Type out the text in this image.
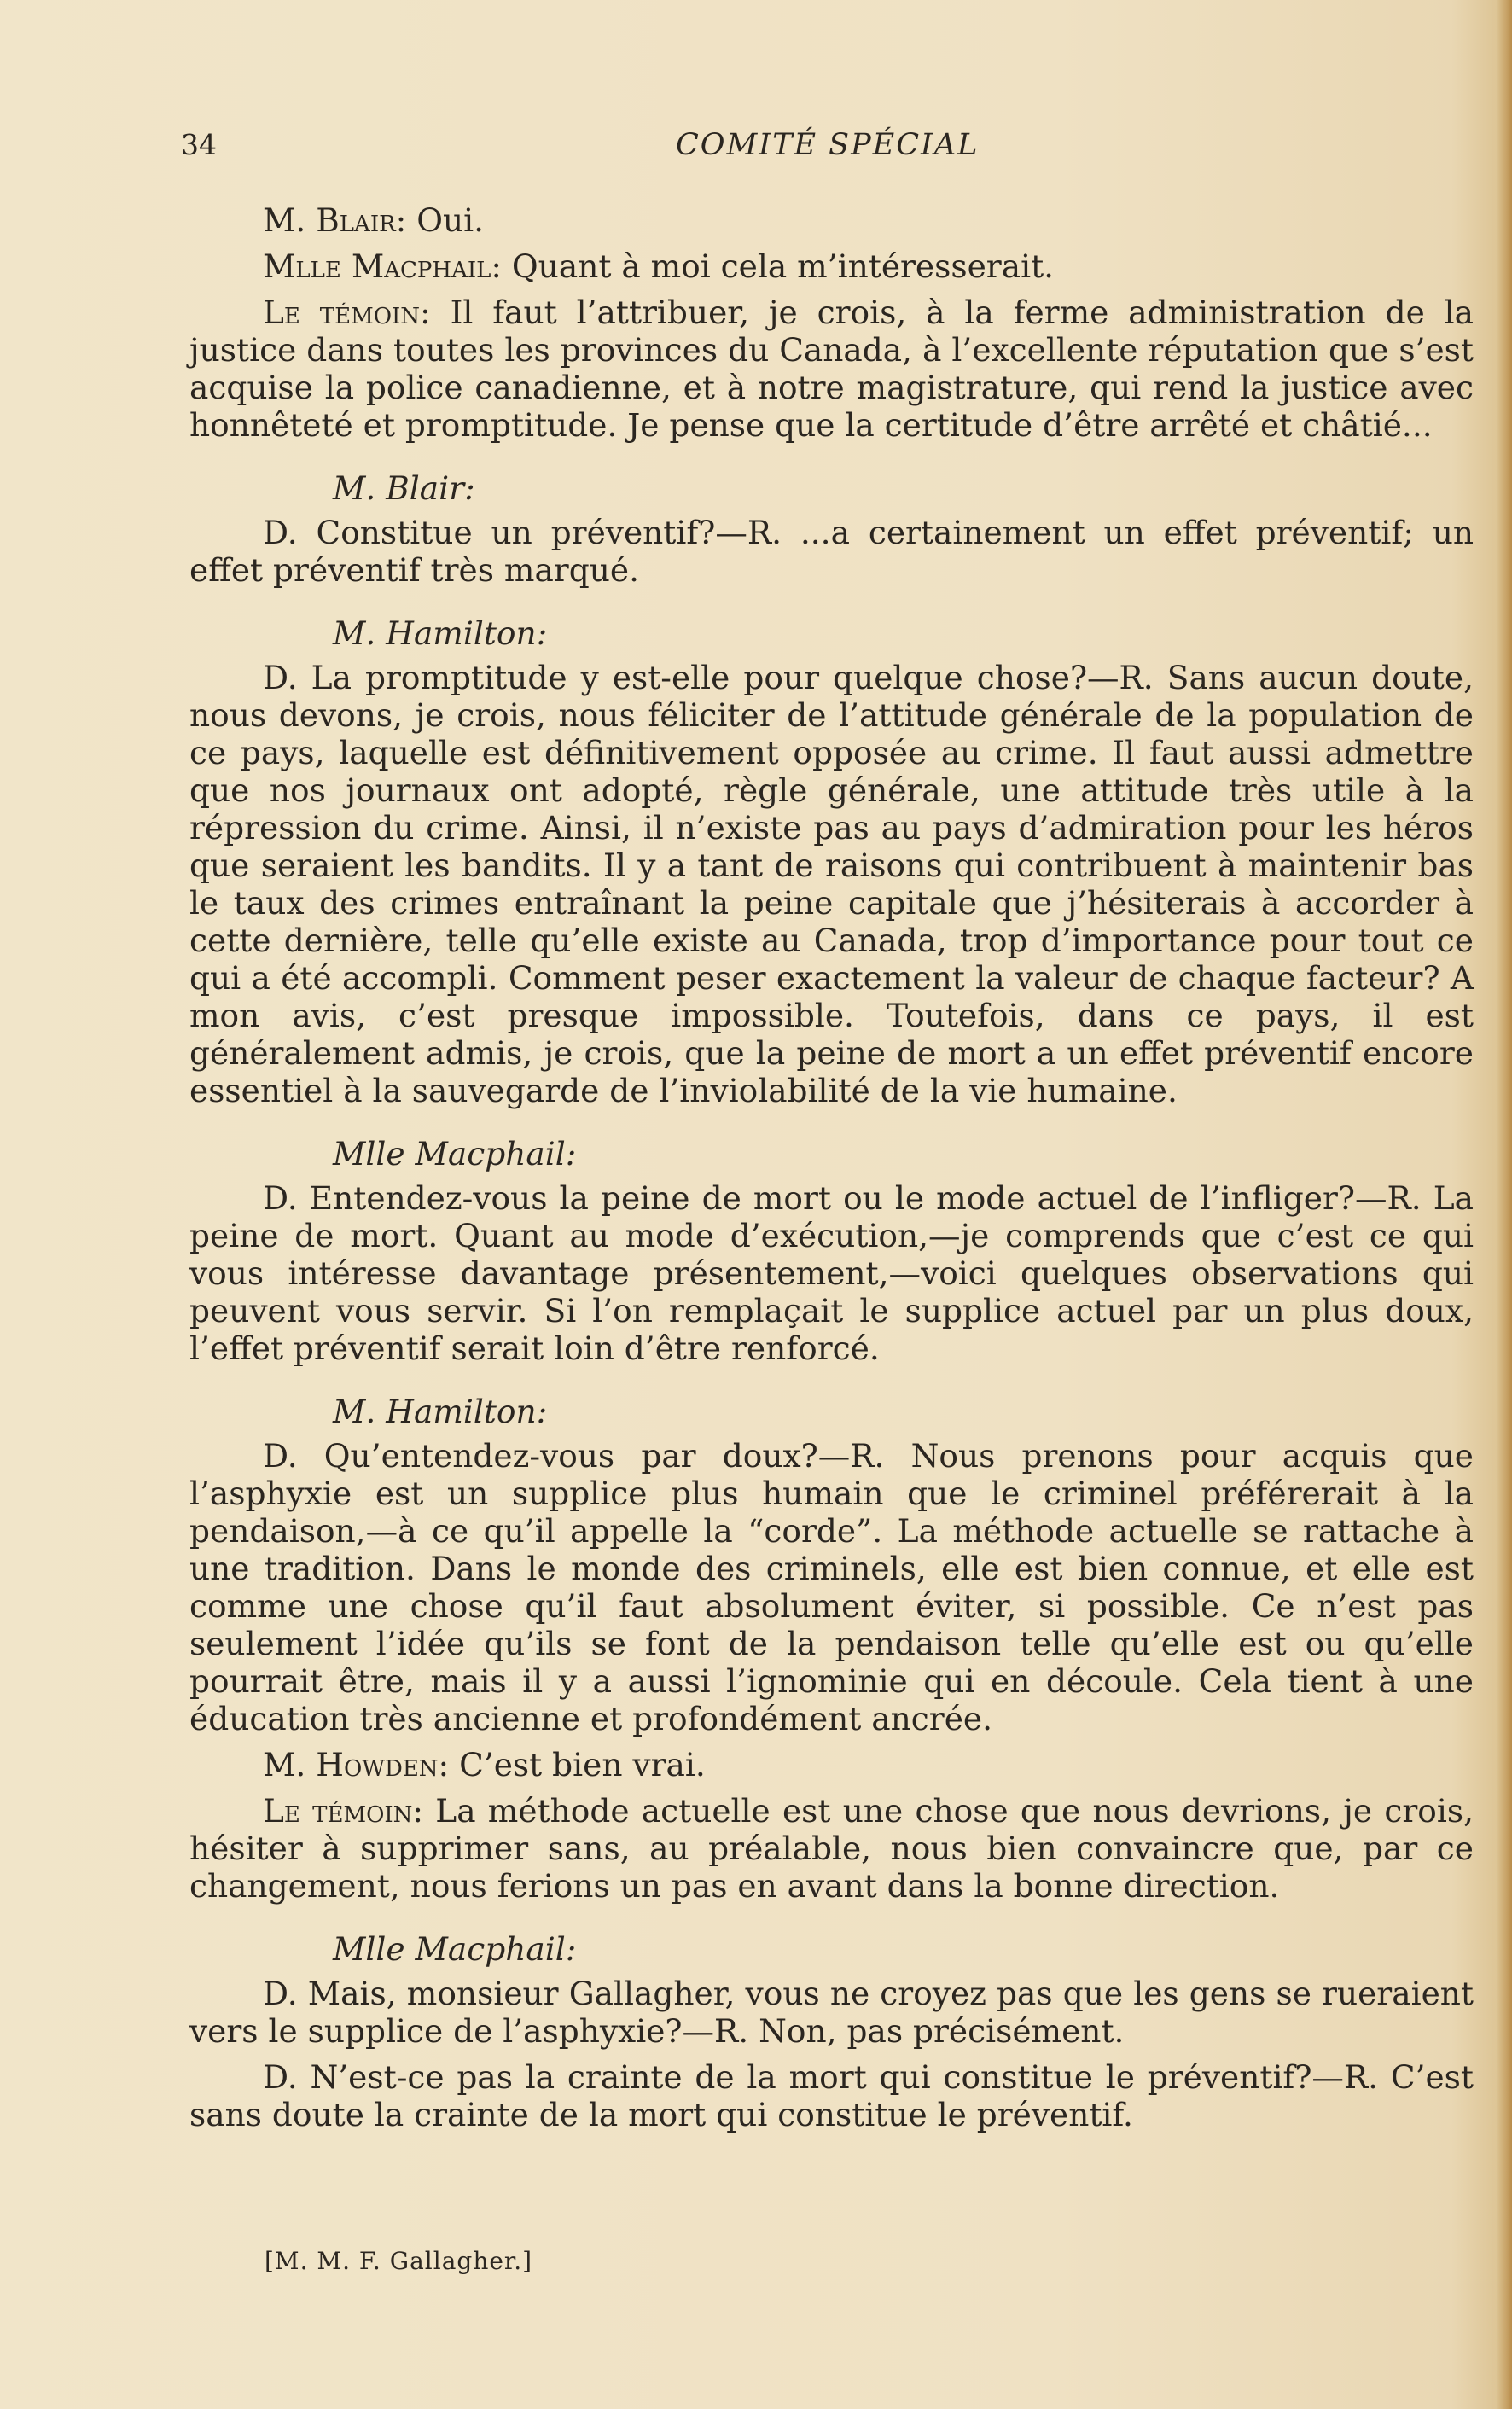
34	COMITÉ SPÉCIAL

M. Blair: Oui.

Mlle Macphail: Quant à moi cela m’intéresserait.

Le témoin: Il faut l’attribuer, je crois, à la ferme administration de la justice dans toutes les provinces du Canada, à l’excellente réputation que s’est acquise la police canadienne, et à notre magistrature, qui rend la justice avec honnêteté et promptitude. Je pense que la certitude d’être arrêté et châtié...

M. Blair:

D. Constitue un préventif?—R. ...a certainement un effet préventif; un effet préventif très marqué.

M. Hamilton:

D. La promptitude y est-elle pour quelque chose?—R. Sans aucun doute, nous devons, je crois, nous féliciter de l’attitude générale de la population de ce pays, laquelle est définitivement opposée au crime. Il faut aussi admettre que nos journaux ont adopté, règle générale, une attitude très utile à la répression du crime. Ainsi, il n’existe pas au pays d’admiration pour les héros que seraient les bandits. Il y a tant de raisons qui contribuent à maintenir bas le taux des crimes entraînant la peine capitale que j’hésiterais à accorder à cette dernière, telle qu’elle existe au Canada, trop d’importance pour tout ce qui a été accompli. Comment peser exactement la valeur de chaque facteur? A mon avis, c’est presque impossible. Toutefois, dans ce pays, il est généralement admis, je crois, que la peine de mort a un effet préventif encore essentiel à la sauvegarde de l’inviolabilité de la vie humaine.

Mlle Macphail:

D. Entendez-vous la peine de mort ou le mode actuel de l’infliger?—R. La peine de mort. Quant au mode d’exécution,—je comprends que c’est ce qui vous intéresse davantage présentement,—voici quelques observations qui peuvent vous servir. Si l’on remplaçait le supplice actuel par un plus doux, l’effet préventif serait loin d’être renforcé.

M. Hamilton:

D. Qu’entendez-vous par doux?—R. Nous prenons pour acquis que l’asphyxie est un supplice plus humain que le criminel préférerait à la pendaison,—à ce qu’il appelle la “corde”. La méthode actuelle se rattache à une tradition. Dans le monde des criminels, elle est bien connue, et elle est comme une chose qu’il faut absolument éviter, si possible. Ce n’est pas seulement l’idée qu’ils se font de la pendaison telle qu’elle est ou qu’elle pourrait être, mais il y a aussi l’ignominie qui en découle. Cela tient à une éducation très ancienne et profondément ancrée.

M. Howden: C’est bien vrai.

Le témoin: La méthode actuelle est une chose que nous devrions, je crois, hésiter à supprimer sans, au préalable, nous bien convaincre que, par ce changement, nous ferions un pas en avant dans la bonne direction.

Mlle Macphail:

D. Mais, monsieur Gallagher, vous ne croyez pas que les gens se rueraient vers le supplice de l’asphyxie?—R. Non, pas précisément.

D. N’est-ce pas la crainte de la mort qui constitue le préventif?—R. C’est sans doute la crainte de la mort qui constitue le préventif.

[M. M. F. Gallagher.]
